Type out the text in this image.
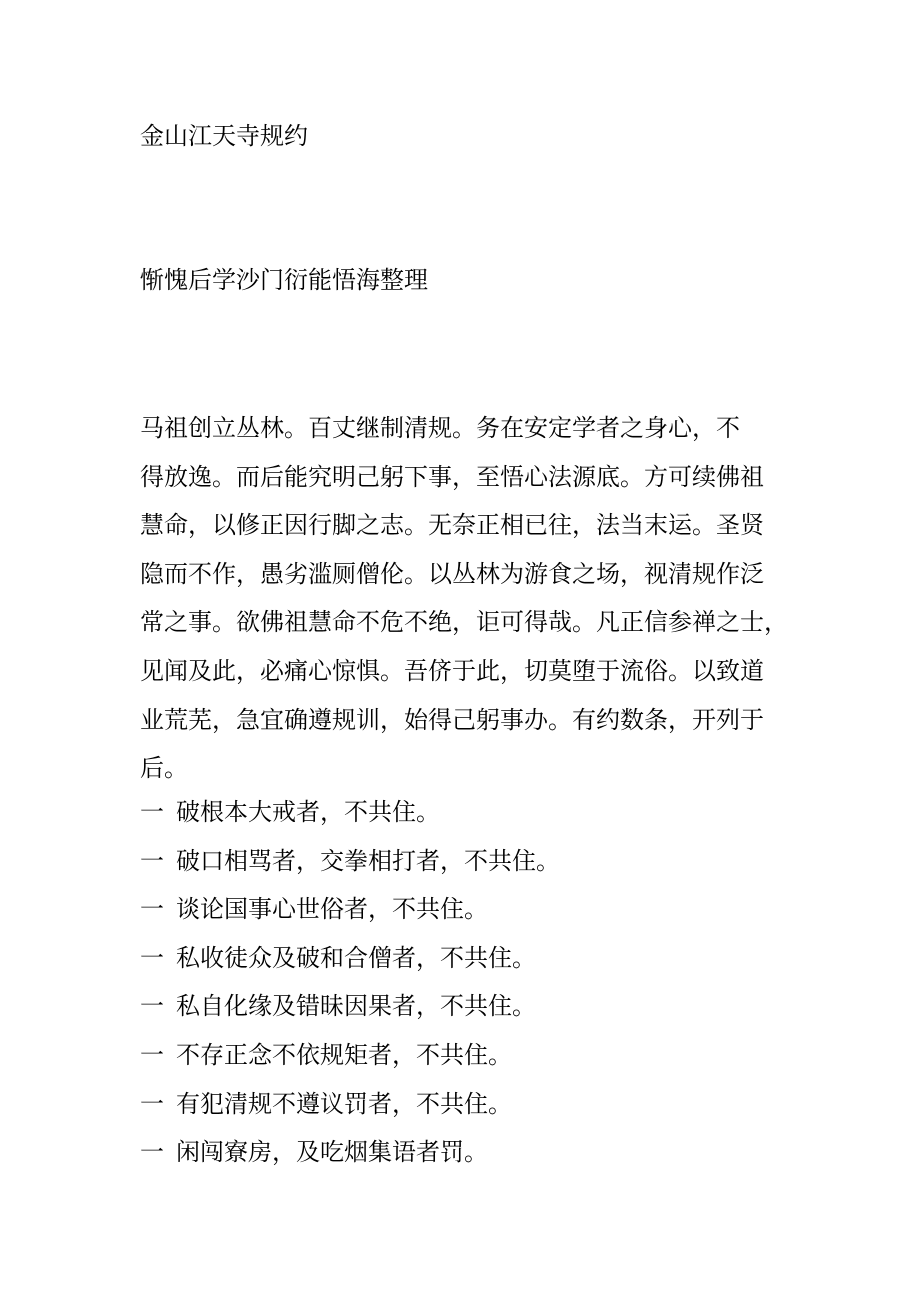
金山江天寺规约
惭愧后学沙门衍能悟海整理
马祖创立丛林。百丈继制清规。务在安定学者之身心，不
得放逸。而后能究明己躬下事，至悟心法源底。方可续佛祖
慧命，以修正因行脚之志。无奈正相已往，法当末运。圣贤
隐而不作，愚劣滥厕僧伦。以丛林为游食之场，视清规作泛
常之事。欲佛祖慧命不危不绝，讵可得哉。凡正信参禅之士，
见闻及此，必痛心惊惧。吾侪于此，切莫堕于流俗。以致道
业荒芜，急宜确遵规训，始得己躬事办。有约数条，开列于
后。
一 破根本大戒者，不共住。
一 破口相骂者，交拳相打者，不共住。
一 谈论国事心世俗者，不共住。
一 私收徒众及破和合僧者，不共住。
一 私自化缘及错昧因果者，不共住。
一 不存正念不依规矩者，不共住。
一 有犯清规不遵议罚者，不共住。
一 闲闯寮房，及吃烟集语者罚。
